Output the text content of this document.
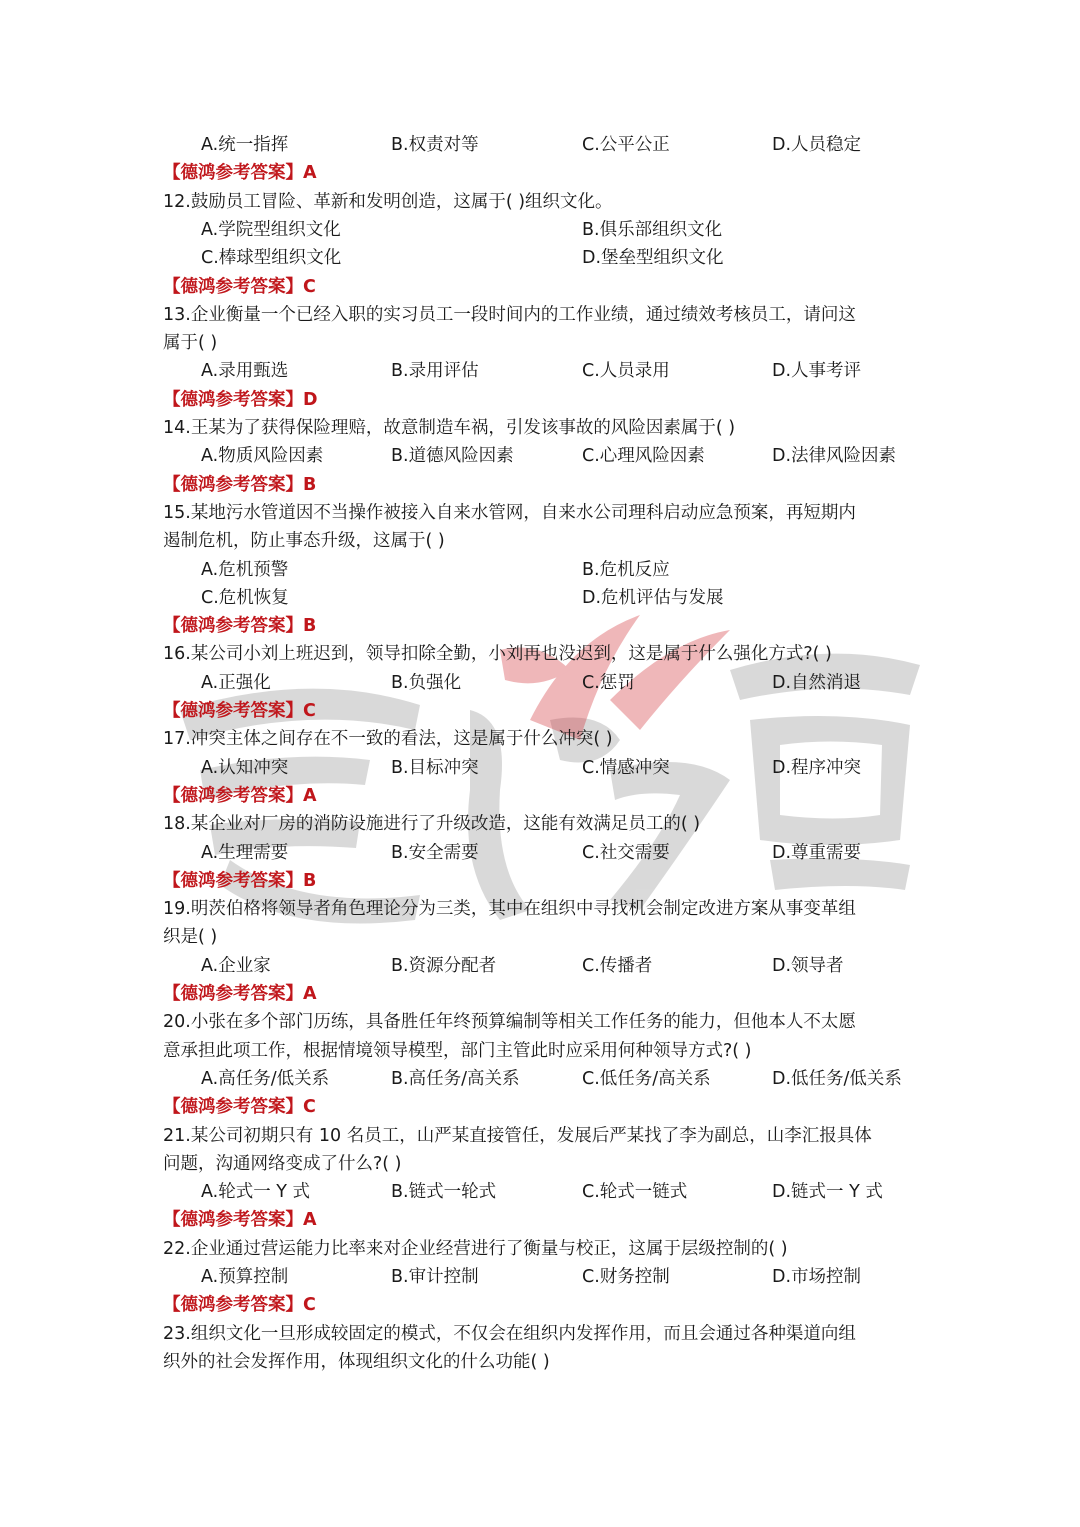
A.统一指挥	B.权责对等	C.公平公正	D.人员稳定
【德鸿参考答案】A
12.鼓励员工冒险、革新和发明创造，这属于( )组织文化。
A.学院型组织文化	B.俱乐部组织文化
C.棒球型组织文化	D.堡垒型组织文化
【德鸿参考答案】C
13.企业衡量一个已经入职的实习员工一段时间内的工作业绩，通过绩效考核员工，请问这
属于( )
A.录用甄选	B.录用评估	C.人员录用	D.人事考评
【德鸿参考答案】D
14.王某为了获得保险理赔，故意制造车祸，引发该事故的风险因素属于( )
A.物质风险因素	B.道德风险因素	C.心理风险因素	D.法律风险因素
【德鸿参考答案】B
15.某地污水管道因不当操作被接入自来水管网，自来水公司理科启动应急预案，再短期内
遏制危机，防止事态升级，这属于( )
A.危机预警	B.危机反应
C.危机恢复	D.危机评估与发展
【德鸿参考答案】B
16.某公司小刘上班迟到，领导扣除全勤，小刘再也没迟到，这是属于什么强化方式?( )
A.正强化	B.负强化	C.惩罚	D.自然消退
【德鸿参考答案】C
17.冲突主体之间存在不一致的看法，这是属于什么冲突( )
A.认知冲突	B.目标冲突	C.情感冲突	D.程序冲突
【德鸿参考答案】A
18.某企业对厂房的消防设施进行了升级改造，这能有效满足员工的( )
A.生理需要	B.安全需要	C.社交需要	D.尊重需要
【德鸿参考答案】B
19.明茨伯格将领导者角色理论分为三类，其中在组织中寻找机会制定改进方案从事变革组
织是( )
A.企业家	B.资源分配者	C.传播者	D.领导者
【德鸿参考答案】A
20.小张在多个部门历练，具备胜任年终预算编制等相关工作任务的能力，但他本人不太愿
意承担此项工作，根据情境领导模型，部门主管此时应采用何种领导方式?( )
A.高任务/低关系	B.高任务/高关系	C.低任务/高关系	D.低任务/低关系
【德鸿参考答案】C
21.某公司初期只有 10 名员工，山严某直接管任，发展后严某找了李为副总，山李汇报具体
问题，沟通网络变成了什么?( )
A.轮式一 Y 式	B.链式一轮式	C.轮式一链式	D.链式一 Y 式
【德鸿参考答案】A
22.企业通过营运能力比率来对企业经营进行了衡量与校正，这属于层级控制的( )
A.预算控制	B.审计控制	C.财务控制	D.市场控制
【德鸿参考答案】C
23.组织文化一旦形成较固定的模式，不仅会在组织内发挥作用，而且会通过各种渠道向组
织外的社会发挥作用，体现组织文化的什么功能( )
